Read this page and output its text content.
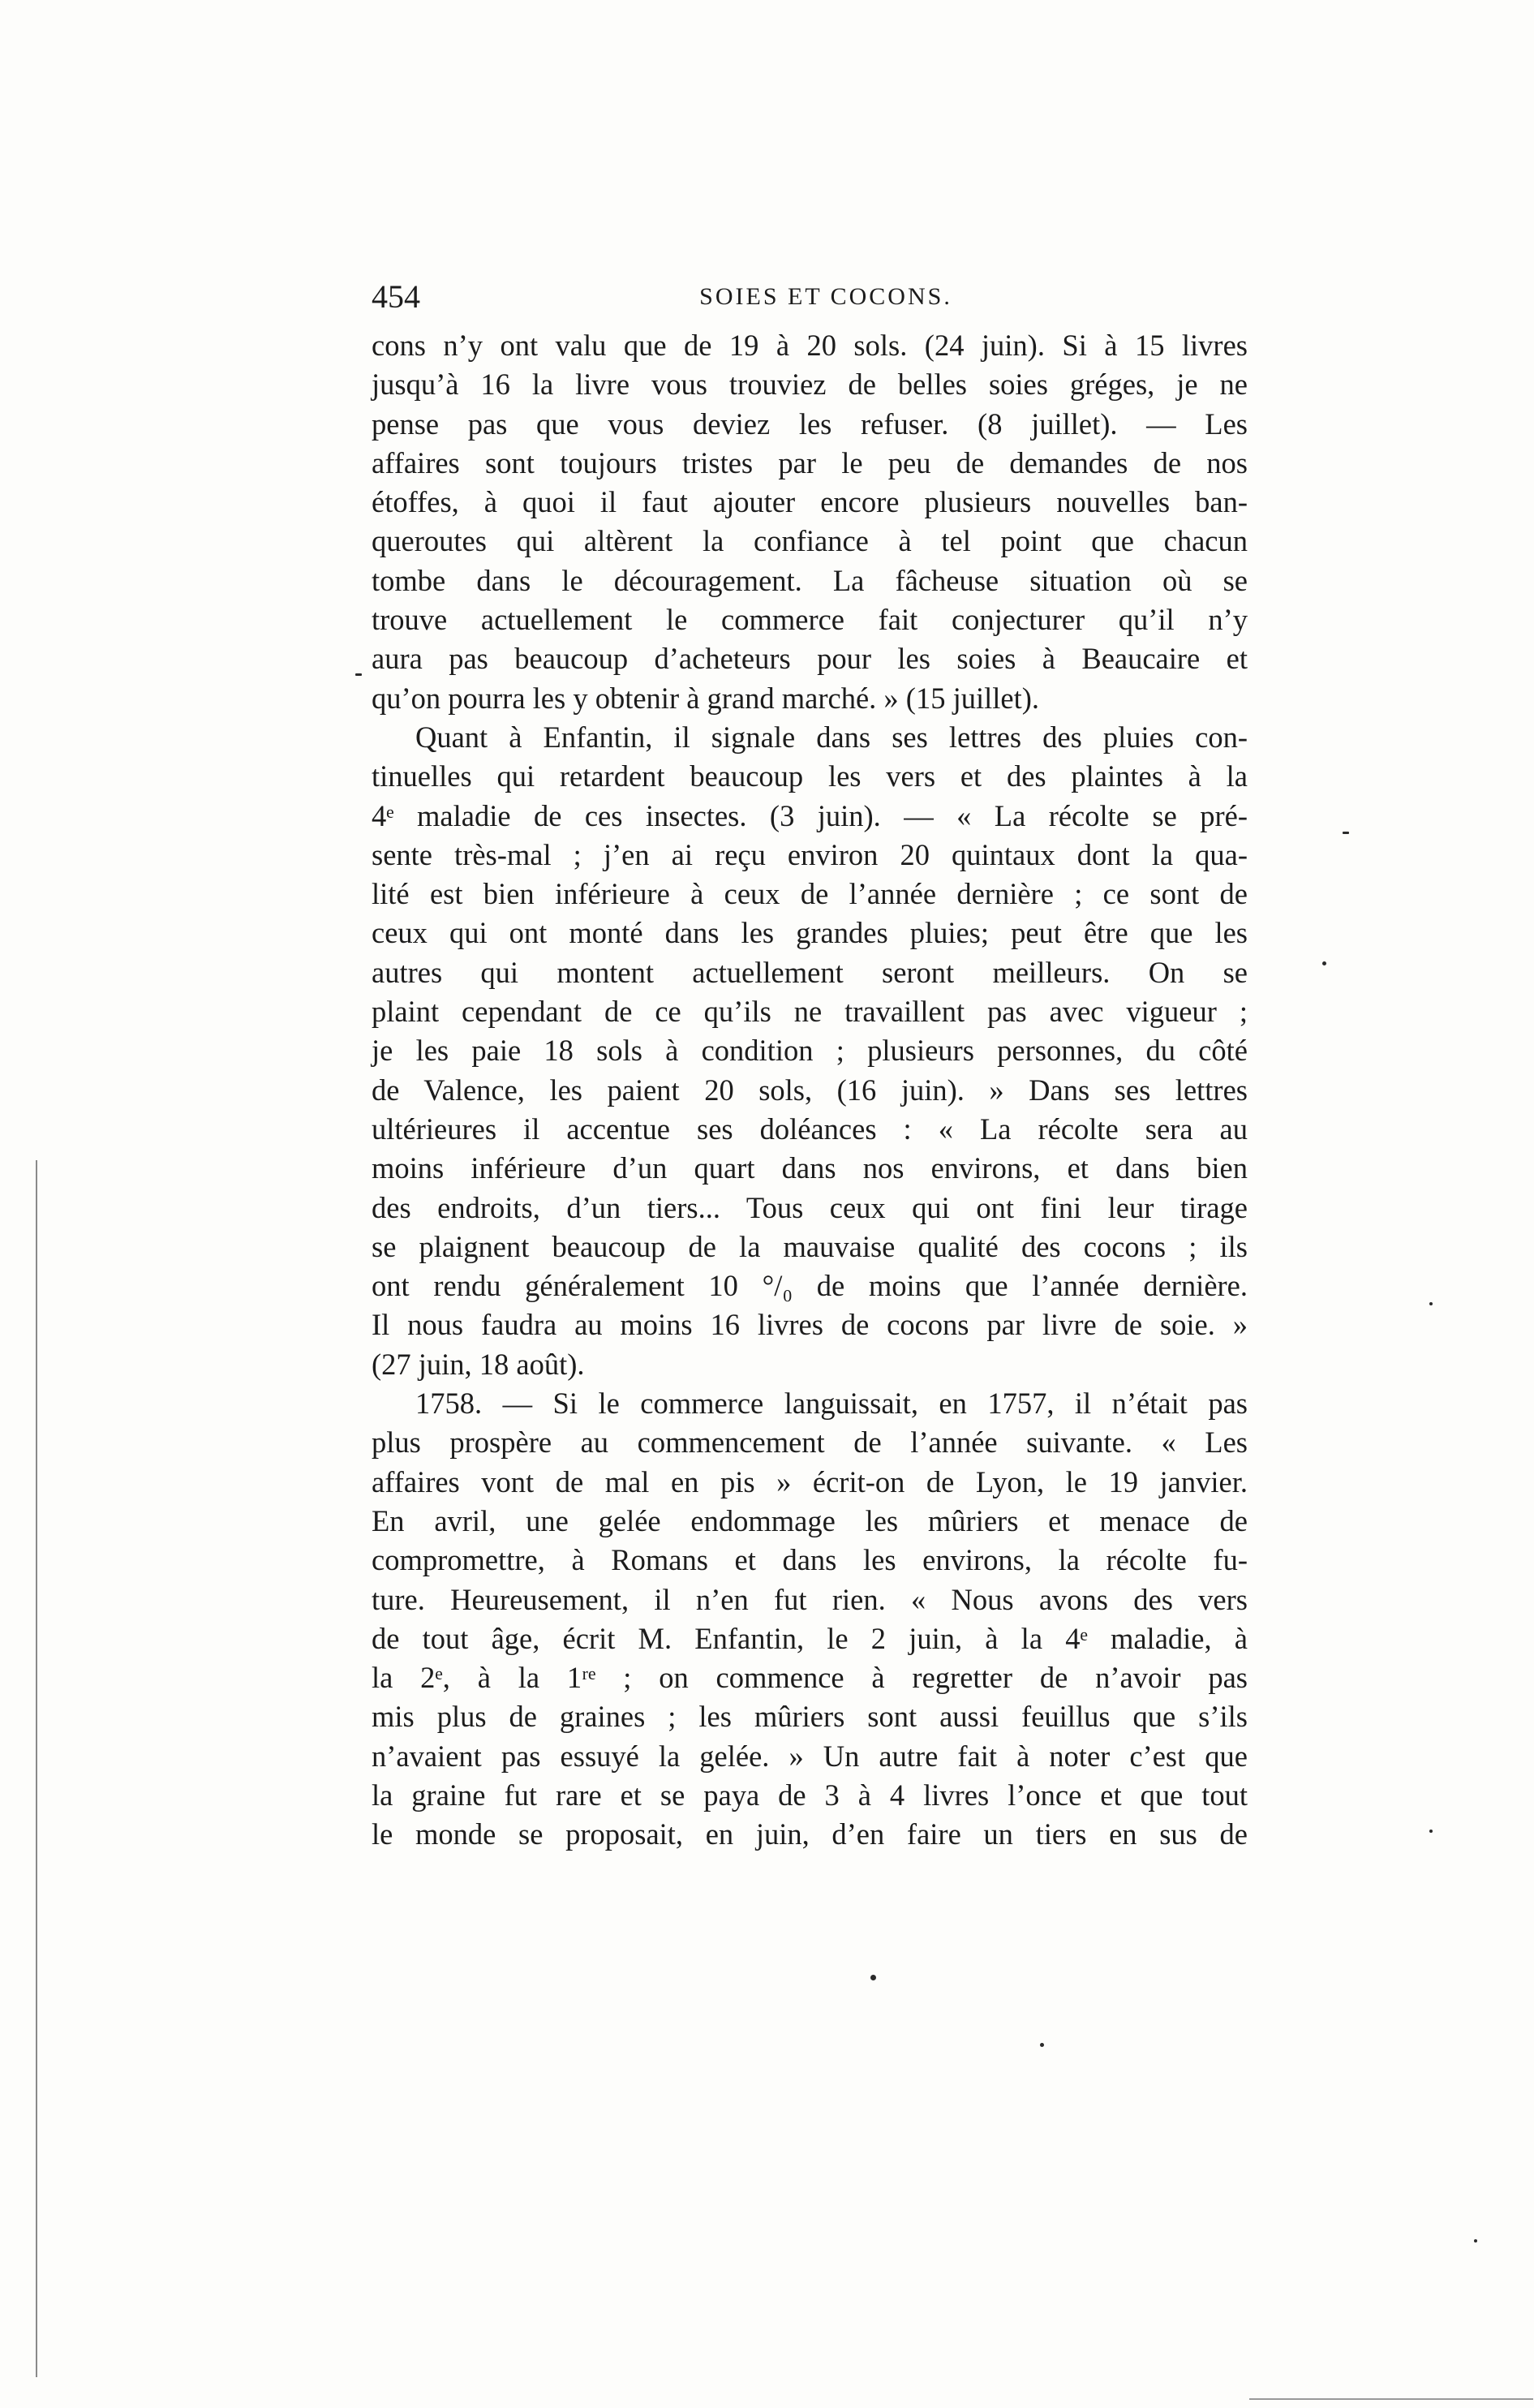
454	SOIES ET COCONS.
cons n’y ont valu que de 19 à 20 sols. (24 juin). Si à 15 livres
jusqu’à 16 la livre vous trouviez de belles soies gréges, je ne
pense pas que vous deviez les refuser. (8 juillet). — Les
affaires sont toujours tristes par le peu de demandes de nos
étoffes, à quoi il faut ajouter encore plusieurs nouvelles ban-
queroutes qui altèrent la confiance à tel point que chacun
tombe dans le découragement. La fâcheuse situation où se
trouve actuellement le commerce fait conjecturer qu’il n’y
aura pas beaucoup d’acheteurs pour les soies à Beaucaire et
qu’on pourra les y obtenir à grand marché. » (15 juillet).
Quant à Enfantin, il signale dans ses lettres des pluies con-
tinuelles qui retardent beaucoup les vers et des plaintes à la
4ᵉ maladie de ces insectes. (3 juin). — « La récolte se pré-
sente très-mal ; j’en ai reçu environ 20 quintaux dont la qua-
lité est bien inférieure à ceux de l’année dernière ; ce sont de
ceux qui ont monté dans les grandes pluies; peut être que les
autres qui montent actuellement seront meilleurs. On se
plaint cependant de ce qu’ils ne travaillent pas avec vigueur ;
je les paie 18 sols à condition ; plusieurs personnes, du côté
de Valence, les paient 20 sols, (16 juin). » Dans ses lettres
ultérieures il accentue ses doléances : « La récolte sera au
moins inférieure d’un quart dans nos environs, et dans bien
des endroits, d’un tiers... Tous ceux qui ont fini leur tirage
se plaignent beaucoup de la mauvaise qualité des cocons ; ils
ont rendu généralement 10 °/₀ de moins que l’année dernière.
Il nous faudra au moins 16 livres de cocons par livre de soie. »
(27 juin, 18 août).
1758. — Si le commerce languissait, en 1757, il n’était pas
plus prospère au commencement de l’année suivante. « Les
affaires vont de mal en pis » écrit-on de Lyon, le 19 janvier.
En avril, une gelée endommage les mûriers et menace de
compromettre, à Romans et dans les environs, la récolte fu-
ture. Heureusement, il n’en fut rien. « Nous avons des vers
de tout âge, écrit M. Enfantin, le 2 juin, à la 4ᵉ maladie, à
la 2ᵉ, à la 1ʳᵉ ; on commence à regretter de n’avoir pas
mis plus de graines ; les mûriers sont aussi feuillus que s’ils
n’avaient pas essuyé la gelée. » Un autre fait à noter c’est que
la graine fut rare et se paya de 3 à 4 livres l’once et que tout
le monde se proposait, en juin, d’en faire un tiers en sus de
